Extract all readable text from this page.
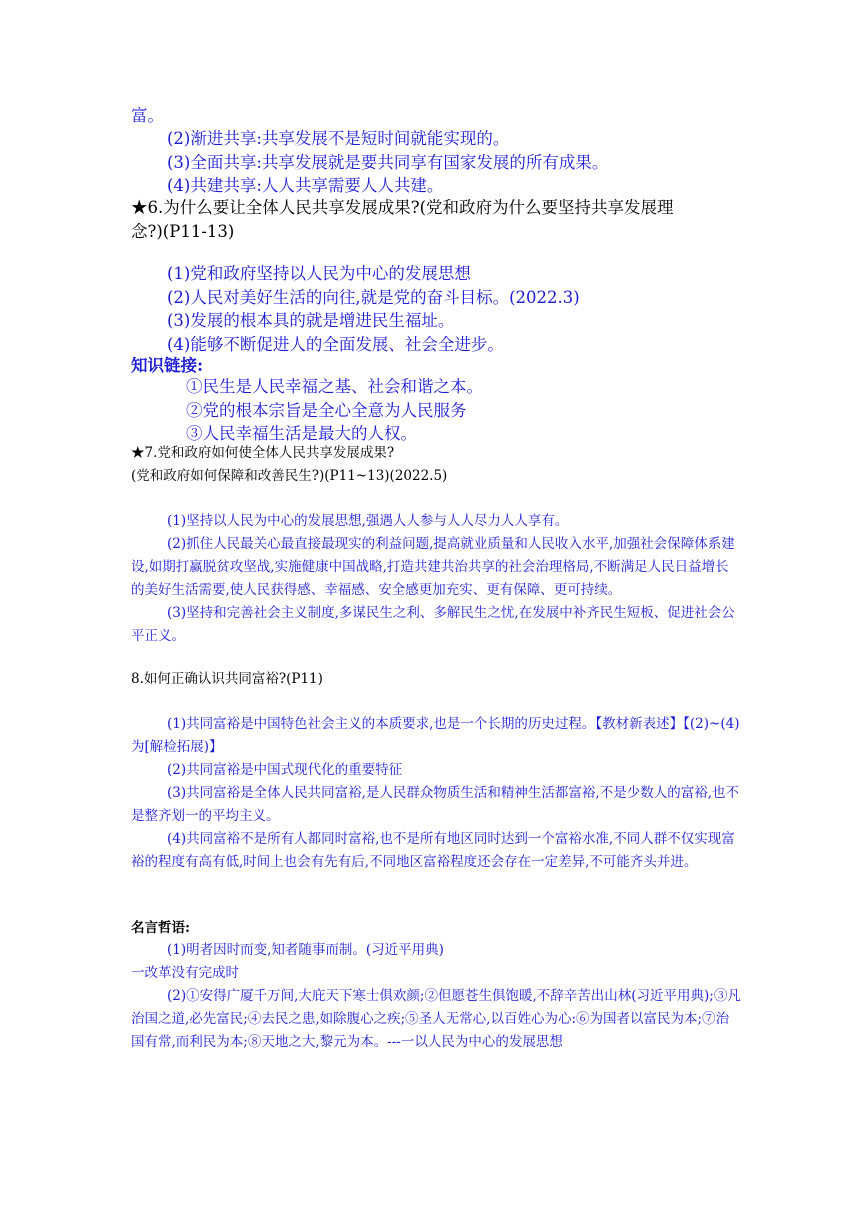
富。
(2)渐进共享:共享发展不是短时间就能实现的。
(3)全面共享:共享发展就是要共同享有国家发展的所有成果。
(4)共建共享:人人共享需要人人共建。
★6.为什么要让全体人民共享发展成果?(党和政府为什么要坚持共享发展理
念?)(P11-13)
(1)党和政府坚持以人民为中心的发展思想
(2)人民对美好生活的向往,就是党的奋斗目标。(2022.3)
(3)发展的根本具的就是增进民生福址。
(4)能够不断促进人的全面发展、社会全进步。
知识链接:
①民生是人民幸福之基、社会和谐之本。
②党的根本宗旨是全心全意为人民服务
③人民幸福生活是最大的人权。
★7.党和政府如何使全体人民共享发展成果?
(党和政府如何保障和改善民生?)(P11~13)(2022.5)

(1)坚持以人民为中心的发展思想,强遇人人参与人人尽力人人享有。

(2)抓住人民最关心最直接最现实的利益问题,提高就业质量和人民收入水平,加强社会保障体系建设,如期打赢脱贫攻坚战,实施健康中国战略,打造共建共治共享的社会治理格局,不断满足人民日益增长的美好生活需要,使人民获得感、幸福感、安全感更加充实、更有保障、更可持续。

(3)坚持和完善社会主义制度,多谋民生之利、多解民生之忧,在发展中补齐民生短板、促进社会公平正义。

8.如何正确认识共同富裕?(P11)

(1)共同富裕是中国特色社会主义的本质要求,也是一个长期的历史过程。【教材新表述】【(2)~(4)为[解检拓展)】

(2)共同富裕是中国式现代化的重要特征

(3)共同富裕是全体人民共同富裕,是人民群众物质生活和精神生活都富裕,不是少数人的富裕,也不是整齐划一的平均主义。

(4)共同富裕不是所有人都同时富裕,也不是所有地区同时达到一个富裕水准,不同人群不仅实现富裕的程度有高有低,时间上也会有先有后,不同地区富裕程度还会存在一定差异,不可能齐头并进。

名言哲语:

(1)明者因时而变,知者随事而制。(习近平用典)

一改革没有完成时

(2)①安得广厦千万间,大庇天下寒士俱欢颜;②但愿苍生俱饱暖,不辞辛苦出山林(习近平用典);③凡治国之道,必先富民;④去民之患,如除腹心之疾;⑤圣人无常心,以百姓心为心:⑥为国者以富民为本;⑦治国有常,而利民为本;⑧天地之大,黎元为本。---一以人民为中心的发展思想
